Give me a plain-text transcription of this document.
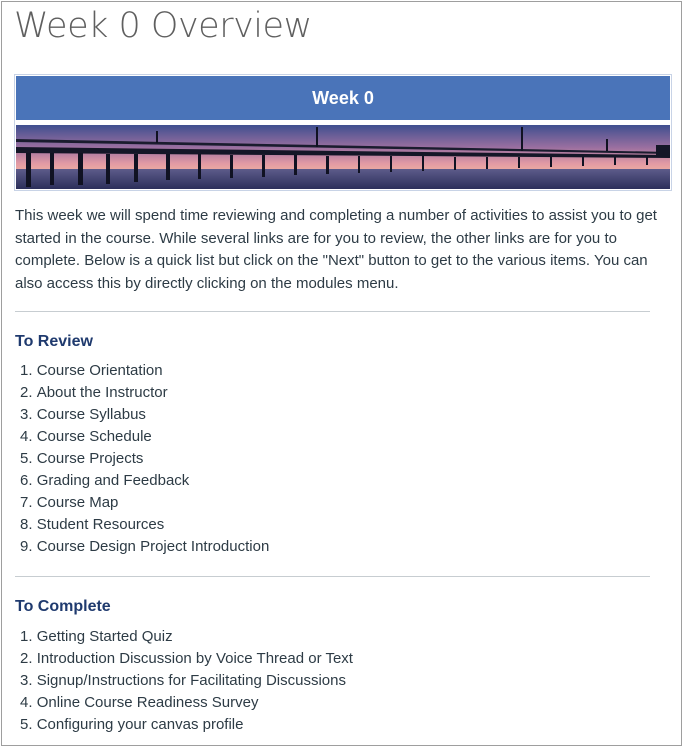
Week 0 Overview
Week 0

This week we will spend time reviewing and completing a number of activities to assist you to get started in the course. While several links are for you to review, the other links are for you to complete. Below is a quick list but click on the "Next" button to get to the various items. You can also access this by directly clicking on the modules menu.

To Review
1. Course Orientation
2. About the Instructor
3. Course Syllabus
4. Course Schedule
5. Course Projects
6. Grading and Feedback
7. Course Map
8. Student Resources
9. Course Design Project Introduction
To Complete
1. Getting Started Quiz
2. Introduction Discussion by Voice Thread or Text
3. Signup/Instructions for Facilitating Discussions
4. Online Course Readiness Survey
5. Configuring your canvas profile
